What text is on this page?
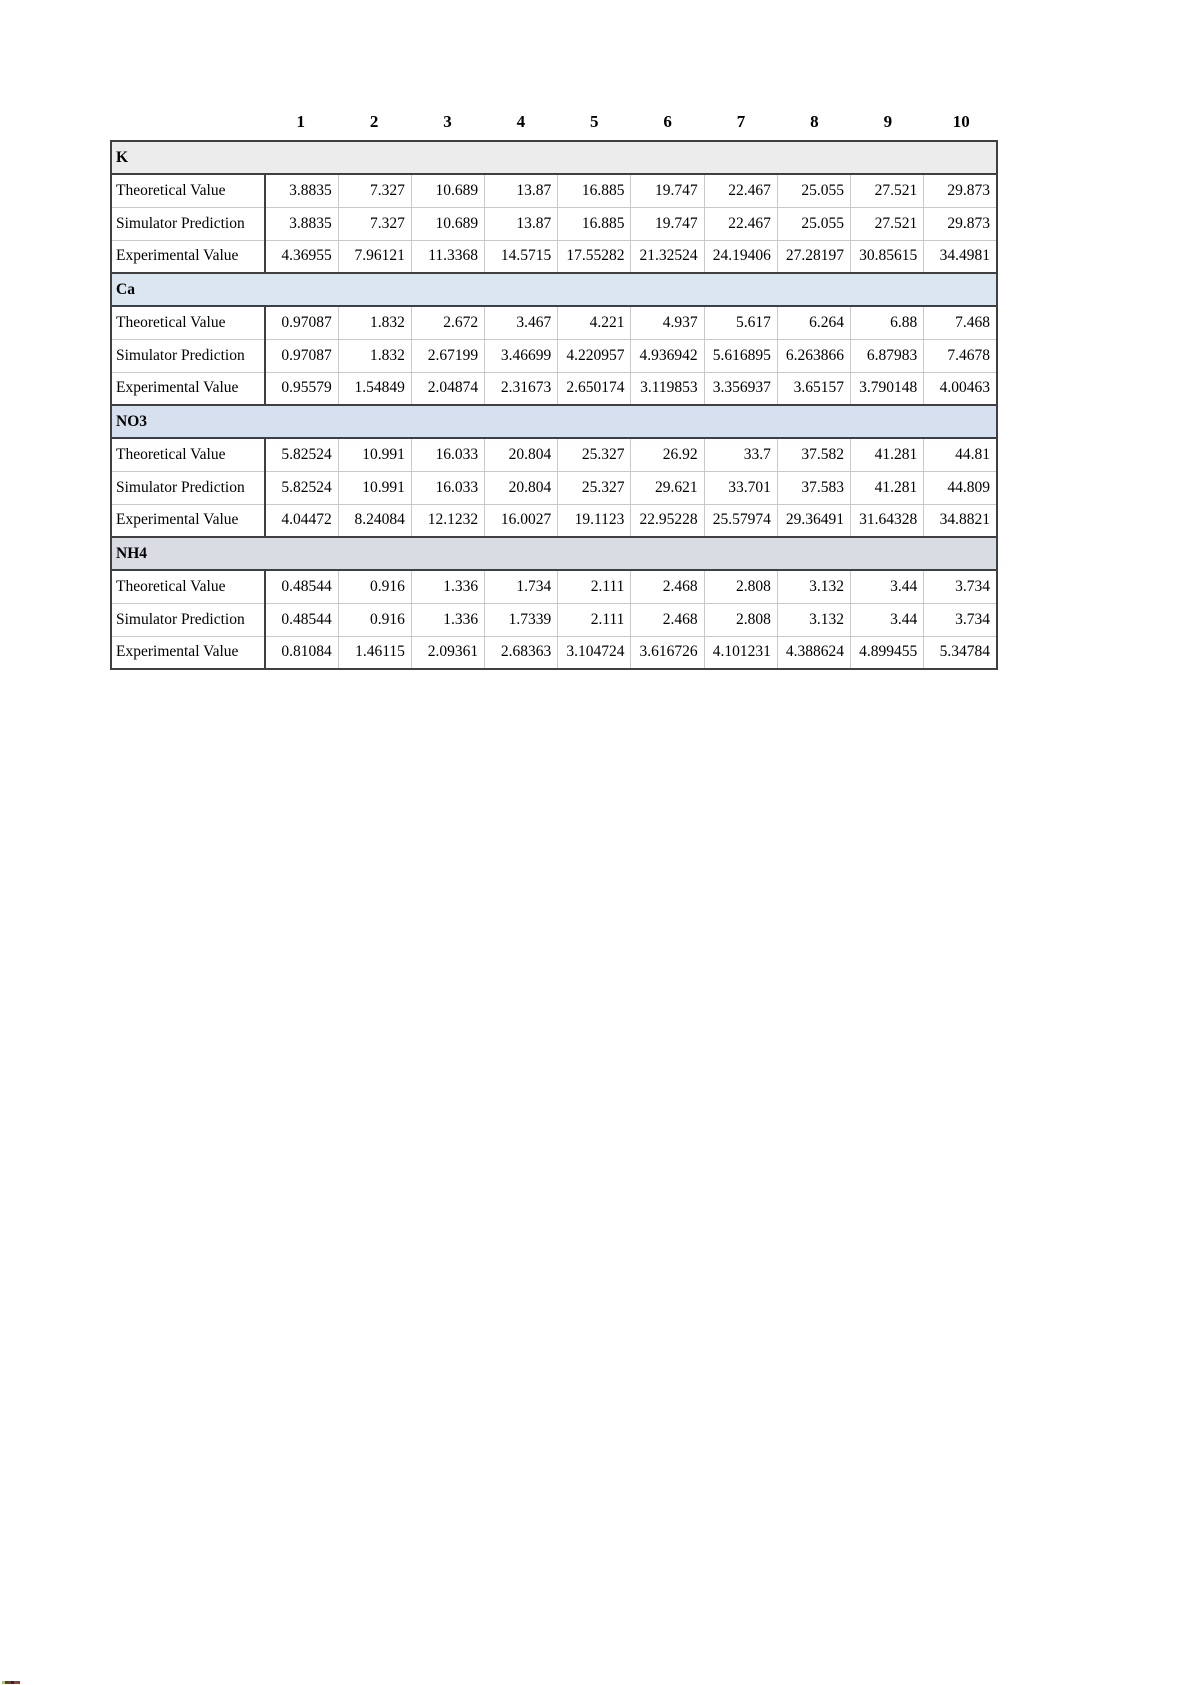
	1	2	3	4	5	6	7	8	9	10
K										
Theoretical Value	3.8835	7.327	10.689	13.87	16.885	19.747	22.467	25.055	27.521	29.873
Simulator Prediction	3.8835	7.327	10.689	13.87	16.885	19.747	22.467	25.055	27.521	29.873
Experimental Value	4.36955	7.96121	11.3368	14.5715	17.55282	21.32524	24.19406	27.28197	30.85615	34.4981
Ca										
Theoretical Value	0.97087	1.832	2.672	3.467	4.221	4.937	5.617	6.264	6.88	7.468
Simulator Prediction	0.97087	1.832	2.67199	3.46699	4.220957	4.936942	5.616895	6.263866	6.87983	7.4678
Experimental Value	0.95579	1.54849	2.04874	2.31673	2.650174	3.119853	3.356937	3.65157	3.790148	4.00463
NO3										
Theoretical Value	5.82524	10.991	16.033	20.804	25.327	26.92	33.7	37.582	41.281	44.81
Simulator Prediction	5.82524	10.991	16.033	20.804	25.327	29.621	33.701	37.583	41.281	44.809
Experimental Value	4.04472	8.24084	12.1232	16.0027	19.1123	22.95228	25.57974	29.36491	31.64328	34.8821
NH4										
Theoretical Value	0.48544	0.916	1.336	1.734	2.111	2.468	2.808	3.132	3.44	3.734
Simulator Prediction	0.48544	0.916	1.336	1.7339	2.111	2.468	2.808	3.132	3.44	3.734
Experimental Value	0.81084	1.46115	2.09361	2.68363	3.104724	3.616726	4.101231	4.388624	4.899455	5.34784
